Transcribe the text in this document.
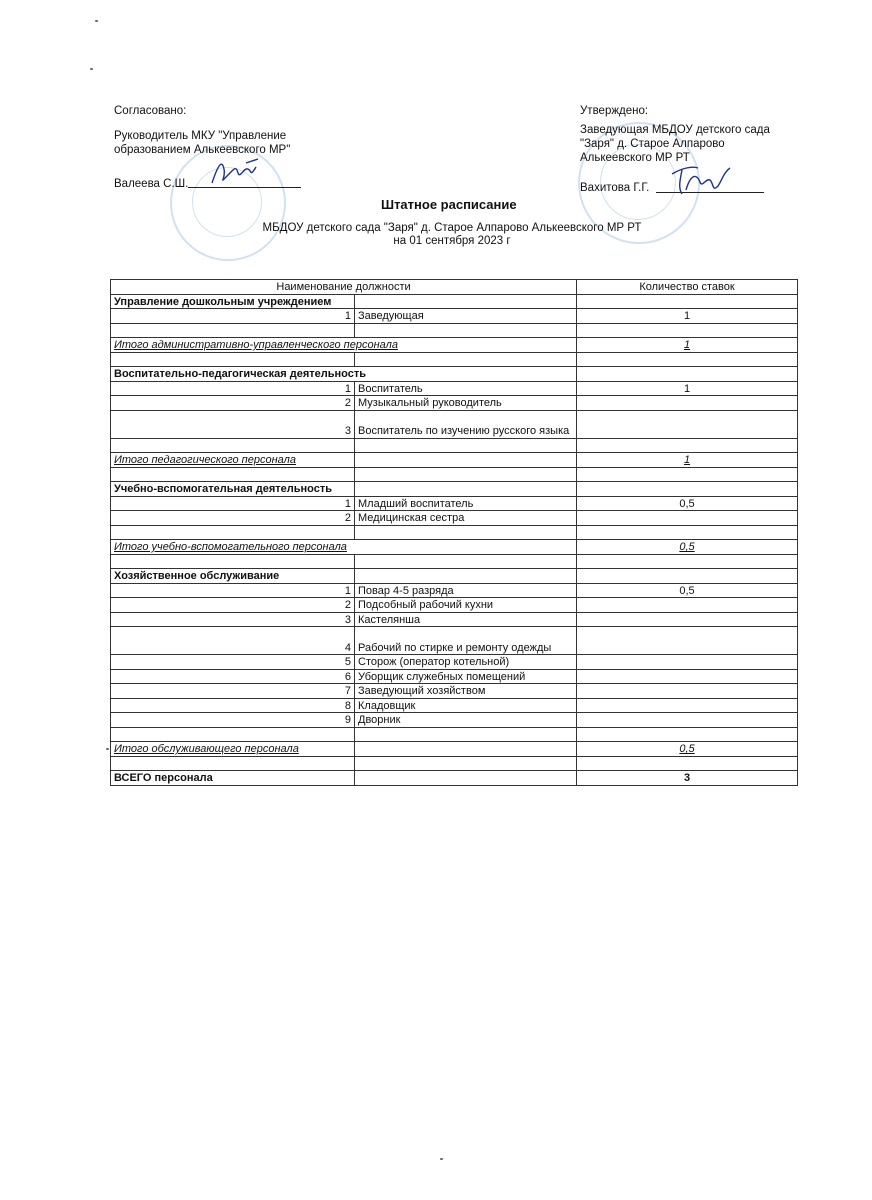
Согласовано:
Руководитель МКУ "Управление
образованием Алькеевского МР"
Валеева С.Ш.
Утверждено:
Заведующая МБДОУ детского сада
"Заря" д. Старое Алпарово
Алькеевского МР РТ
Вахитова Г.Г.
Штатное расписание
МБДОУ детского сада "Заря" д. Старое Алпарово Алькеевского МР РТ
на 01 сентября 2023 г
Наименование должности		Количество ставок
Управление дошкольным учреждением		
1	Заведующая	1

Итого административно-управленческого персонала		1

Воспитательно-педагогическая деятельность		
1	Воспитатель	1
2	Музыкальный руководитель	
3	Воспитатель по изучению русского языка	

Итого педагогического персонала		1

Учебно-вспомогательная деятельность		
1	Младший воспитатель	0,5
2	Медицинская сестра	

Итого учебно-вспомогательного персонала		0,5

Хозяйственное обслуживание		
1	Повар 4-5 разряда	0,5
2	Подсобный рабочий кухни	
3	Кастелянша	
4	Рабочий по стирке и ремонту одежды	
5	Сторож (оператор котельной)	
6	Уборщик служебных помещений	
7	Заведующий хозяйством	
8	Кладовщик	
9	Дворник	

Итого обслуживающего персонала		0,5

ВСЕГО персонала		3
